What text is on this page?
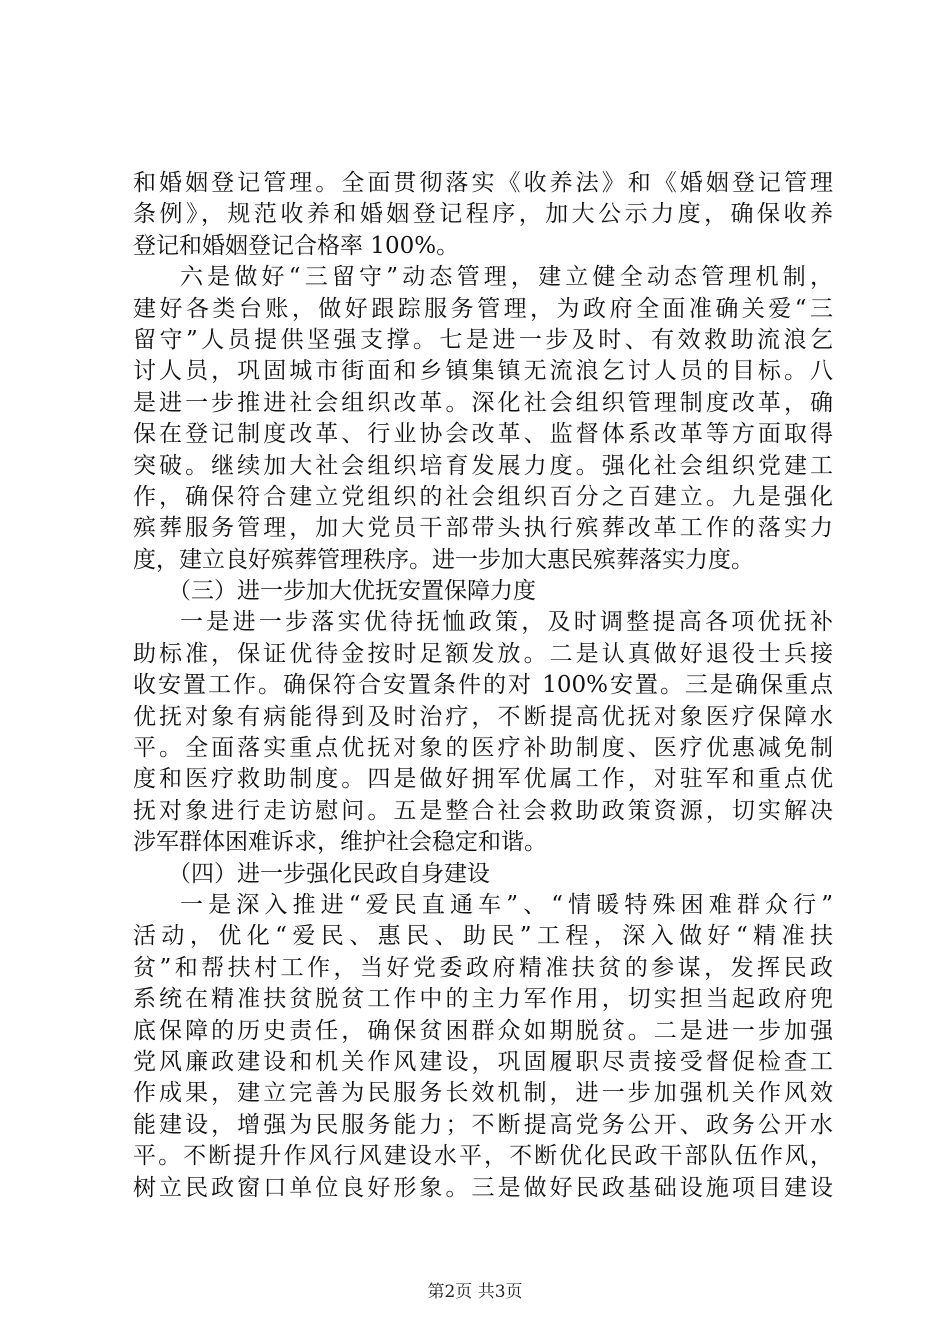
和婚姻登记管理。全面贯彻落实《收养法》和《婚姻登记管理
条例》，规范收养和婚姻登记程序，加大公示力度，确保收养
登记和婚姻登记合格率 100%。
六是做好“三留守”动态管理，建立健全动态管理机制，
建好各类台账，做好跟踪服务管理，为政府全面准确关爱“三
留守”人员提供坚强支撑。七是进一步及时、有效救助流浪乞
讨人员，巩固城市街面和乡镇集镇无流浪乞讨人员的目标。八
是进一步推进社会组织改革。深化社会组织管理制度改革，确
保在登记制度改革、行业协会改革、监督体系改革等方面取得
突破。继续加大社会组织培育发展力度。强化社会组织党建工
作，确保符合建立党组织的社会组织百分之百建立。九是强化
殡葬服务管理，加大党员干部带头执行殡葬改革工作的落实力
度，建立良好殡葬管理秩序。进一步加大惠民殡葬落实力度。
（三）进一步加大优抚安置保障力度
一是进一步落实优待抚恤政策，及时调整提高各项优抚补
助标准，保证优待金按时足额发放。二是认真做好退役士兵接
收安置工作。确保符合安置条件的对 100%安置。三是确保重点
优抚对象有病能得到及时治疗，不断提高优抚对象医疗保障水
平。全面落实重点优抚对象的医疗补助制度、医疗优惠减免制
度和医疗救助制度。四是做好拥军优属工作，对驻军和重点优
抚对象进行走访慰问。五是整合社会救助政策资源，切实解决
涉军群体困难诉求，维护社会稳定和谐。
（四）进一步强化民政自身建设
一是深入推进“爱民直通车”、“情暖特殊困难群众行”
活动，优化“爱民、惠民、助民”工程，深入做好“精准扶
贫”和帮扶村工作，当好党委政府精准扶贫的参谋，发挥民政
系统在精准扶贫脱贫工作中的主力军作用，切实担当起政府兜
底保障的历史责任，确保贫困群众如期脱贫。二是进一步加强
党风廉政建设和机关作风建设，巩固履职尽责接受督促检查工
作成果，建立完善为民服务长效机制，进一步加强机关作风效
能建设，增强为民服务能力；不断提高党务公开、政务公开水
平。不断提升作风行风建设水平，不断优化民政干部队伍作风，
树立民政窗口单位良好形象。三是做好民政基础设施项目建设
第2页 共3页
